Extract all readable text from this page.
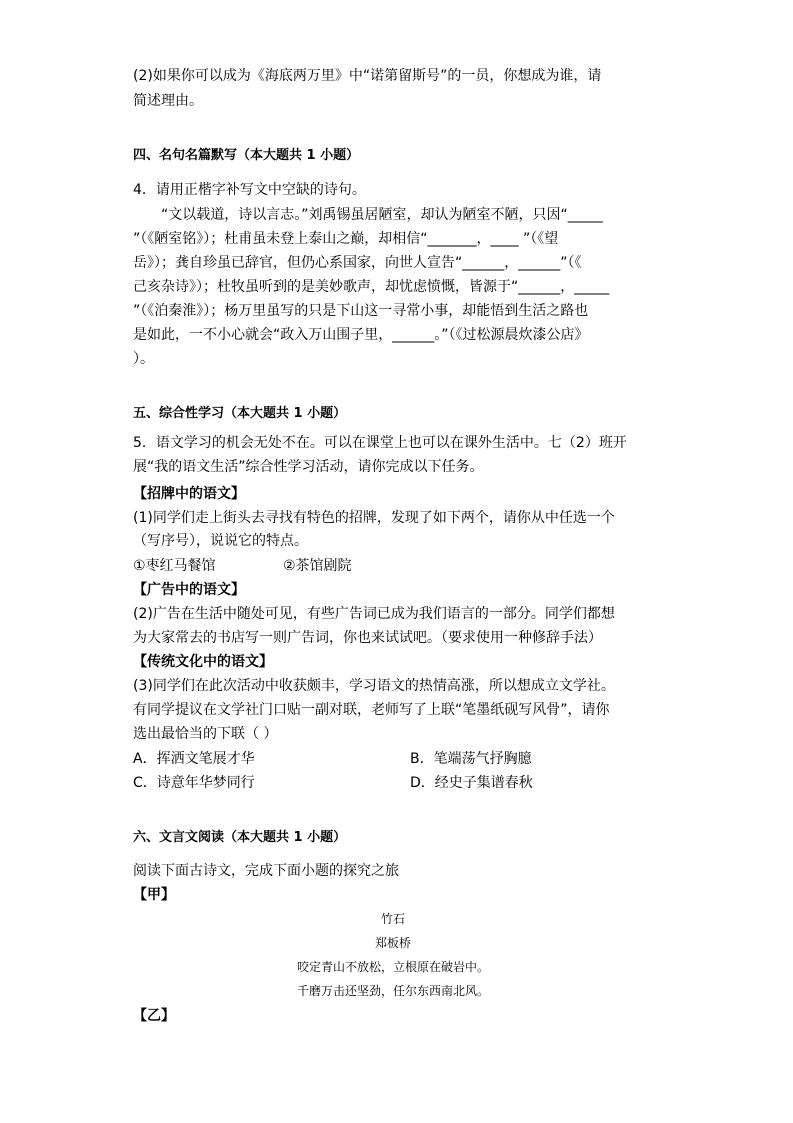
(2)如果你可以成为《海底两万里》中“诺第留斯号”的一员，你想成为谁，请
简述理由。
四、名句名篇默写（本大题共 1 小题）
4．请用正楷字补写文中空缺的诗句。
“文以载道，诗以言志。”刘禹锡虽居陋室，却认为陋室不陋，只因“_____
”（《陋室铭》）；杜甫虽未登上泰山之巅，却相信“_______，____ ”（《望
岳》）；龚自珍虽已辞官，但仍心系国家，向世人宣告“______，______”（《
己亥杂诗》）；杜牧虽听到的是美妙歌声，却忧虑愤慨，皆源于“______，_____
”（《泊秦淮》）；杨万里虽写的只是下山这一寻常小事，却能悟到生活之路也
是如此，一不小心就会“政入万山围子里，______。”（《过松源晨炊漆公店》
）。
五、综合性学习（本大题共 1 小题）
5．语文学习的机会无处不在。可以在课堂上也可以在课外生活中。七（2）班开
展“我的语文生活”综合性学习活动，请你完成以下任务。
【招牌中的语文】
(1)同学们走上街头去寻找有特色的招牌，发现了如下两个，请你从中任选一个
（写序号），说说它的特点。
①枣红马餐馆	②茶馆剧院
【广告中的语文】
(2)广告在生活中随处可见，有些广告词已成为我们语言的一部分。同学们都想
为大家常去的书店写一则广告词，你也来试试吧。（要求使用一种修辞手法）
【传统文化中的语文】
(3)同学们在此次活动中收获颇丰，学习语文的热情高涨，所以想成立文学社。
有同学提议在文学社门口贴一副对联，老师写了上联“笔墨纸砚写风骨”，请你
选出最恰当的下联（ ）
A．挥洒文笔展才华	B．笔端荡气抒胸臆
C．诗意年华梦同行	D．经史子集谱春秋
六、文言文阅读（本大题共 1 小题）
阅读下面古诗文，完成下面小题的探究之旅
【甲】
竹石
郑板桥
咬定青山不放松，立根原在破岩中。
千磨万击还坚劲，任尔东西南北风。
【乙】
